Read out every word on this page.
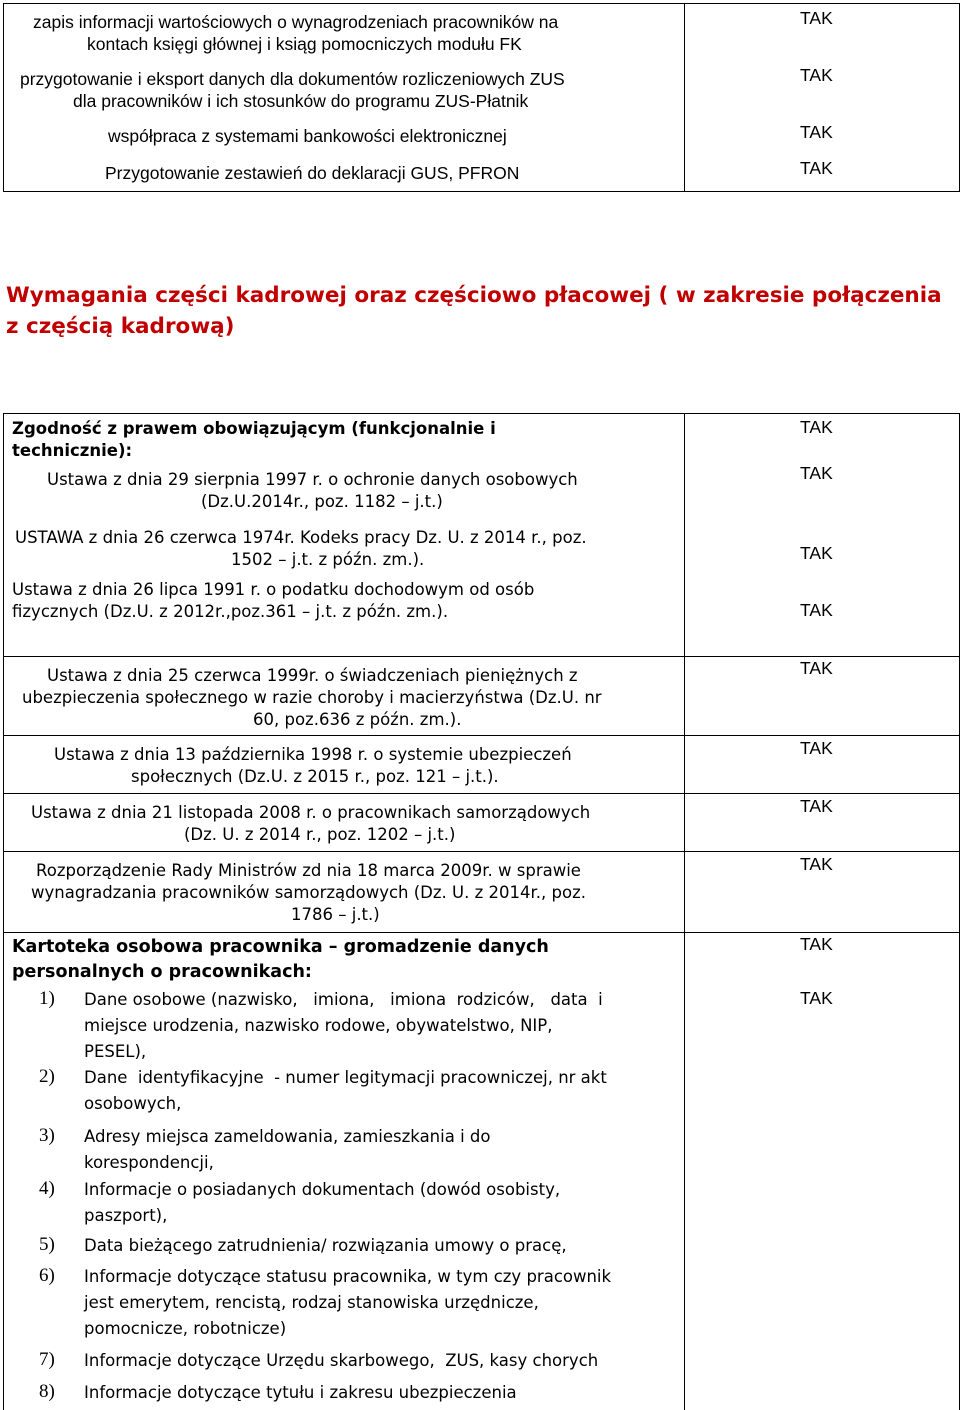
zapis informacji wartościowych o wynagrodzeniach pracowników na
kontach księgi głównej i ksiąg pomocniczych modułu FK
przygotowanie i eksport danych dla dokumentów rozliczeniowych ZUS
dla pracowników i ich stosunków do programu ZUS-Płatnik
współpraca z systemami bankowości elektronicznej
Przygotowanie zestawień do deklaracji GUS, PFRON
TAK
TAK
TAK
TAK
Wymagania części kadrowej oraz częściowo płacowej ( w zakresie połączenia
z częścią kadrową)
Zgodność z prawem obowiązującym (funkcjonalnie i
technicznie):
TAK
Ustawa z dnia 29 sierpnia 1997 r. o ochronie danych osobowych
(Dz.U.2014r., poz. 1182 – j.t.)
TAK
USTAWA z dnia 26 czerwca 1974r. Kodeks pracy Dz. U. z 2014 r., poz.
1502 – j.t. z późn. zm.).	TAK
Ustawa z dnia 26 lipca 1991 r. o podatku dochodowym od osób
fizycznych (Dz.U. z 2012r.,poz.361 – j.t. z późn. zm.).	TAK
Ustawa z dnia 25 czerwca 1999r. o świadczeniach pieniężnych z
ubezpieczenia społecznego w razie choroby i macierzyństwa (Dz.U. nr
60, poz.636 z późn. zm.).
TAK
Ustawa z dnia 13 października 1998 r. o systemie ubezpieczeń
społecznych (Dz.U. z 2015 r., poz. 121 – j.t.).
TAK
Ustawa z dnia 21 listopada 2008 r. o pracownikach samorządowych
(Dz. U. z 2014 r., poz. 1202 – j.t.)
TAK
Rozporządzenie Rady Ministrów zd nia 18 marca 2009r. w sprawie
wynagradzania pracowników samorządowych (Dz. U. z 2014r., poz.
1786 – j.t.)
TAK
Kartoteka osobowa pracownika – gromadzenie danych
personalnych o pracownikach:
TAK
TAK
1) Dane osobowe (nazwisko,   imiona,   imiona  rodziców,   data  i
miejsce urodzenia, nazwisko rodowe, obywatelstwo, NIP,
PESEL),
2) Dane  identyfikacyjne  - numer legitymacji pracowniczej, nr akt
osobowych,
3) Adresy miejsca zameldowania, zamieszkania i do
korespondencji,
4) Informacje o posiadanych dokumentach (dowód osobisty,
paszport),
5) Data bieżącego zatrudnienia/ rozwiązania umowy o pracę,
6) Informacje dotyczące statusu pracownika, w tym czy pracownik
jest emerytem, rencistą, rodzaj stanowiska urzędnicze,
pomocnicze, robotnicze)
7) Informacje dotyczące Urzędu skarbowego,  ZUS, kasy chorych
8) Informacje dotyczące tytułu i zakresu ubezpieczenia
